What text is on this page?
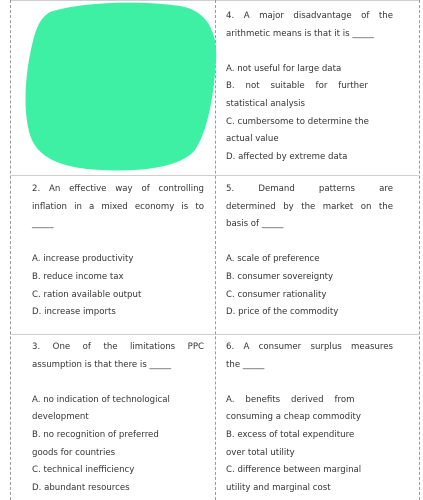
4. A major disadvantage of the

arithmetic means is that it is _____

A. not useful for large data
B.    not    suitable    for    further
statistical analysis
C. cumbersome to determine the
actual value
D. affected by extreme data

2. An effective way of controlling

inflation in a mixed economy is to

_____

A. increase productivity
B. reduce income tax
C. ration available output
D. increase imports

5.    Demand    patterns    are

determined by the market on the

basis of _____

A. scale of preference
B. consumer sovereignty
C. consumer rationality
D. price of the commodity

3. One of the limitations PPC

assumption is that there is _____

A. no indication of technological
development
B. no recognition of preferred
goods for countries
C. technical inefficiency
D. abundant resources

6. A consumer surplus measures

the _____

A.    benefits    derived    from
consuming a cheap commodity
B. excess of total expenditure
over total utility
C. difference between marginal
utility and marginal cost
